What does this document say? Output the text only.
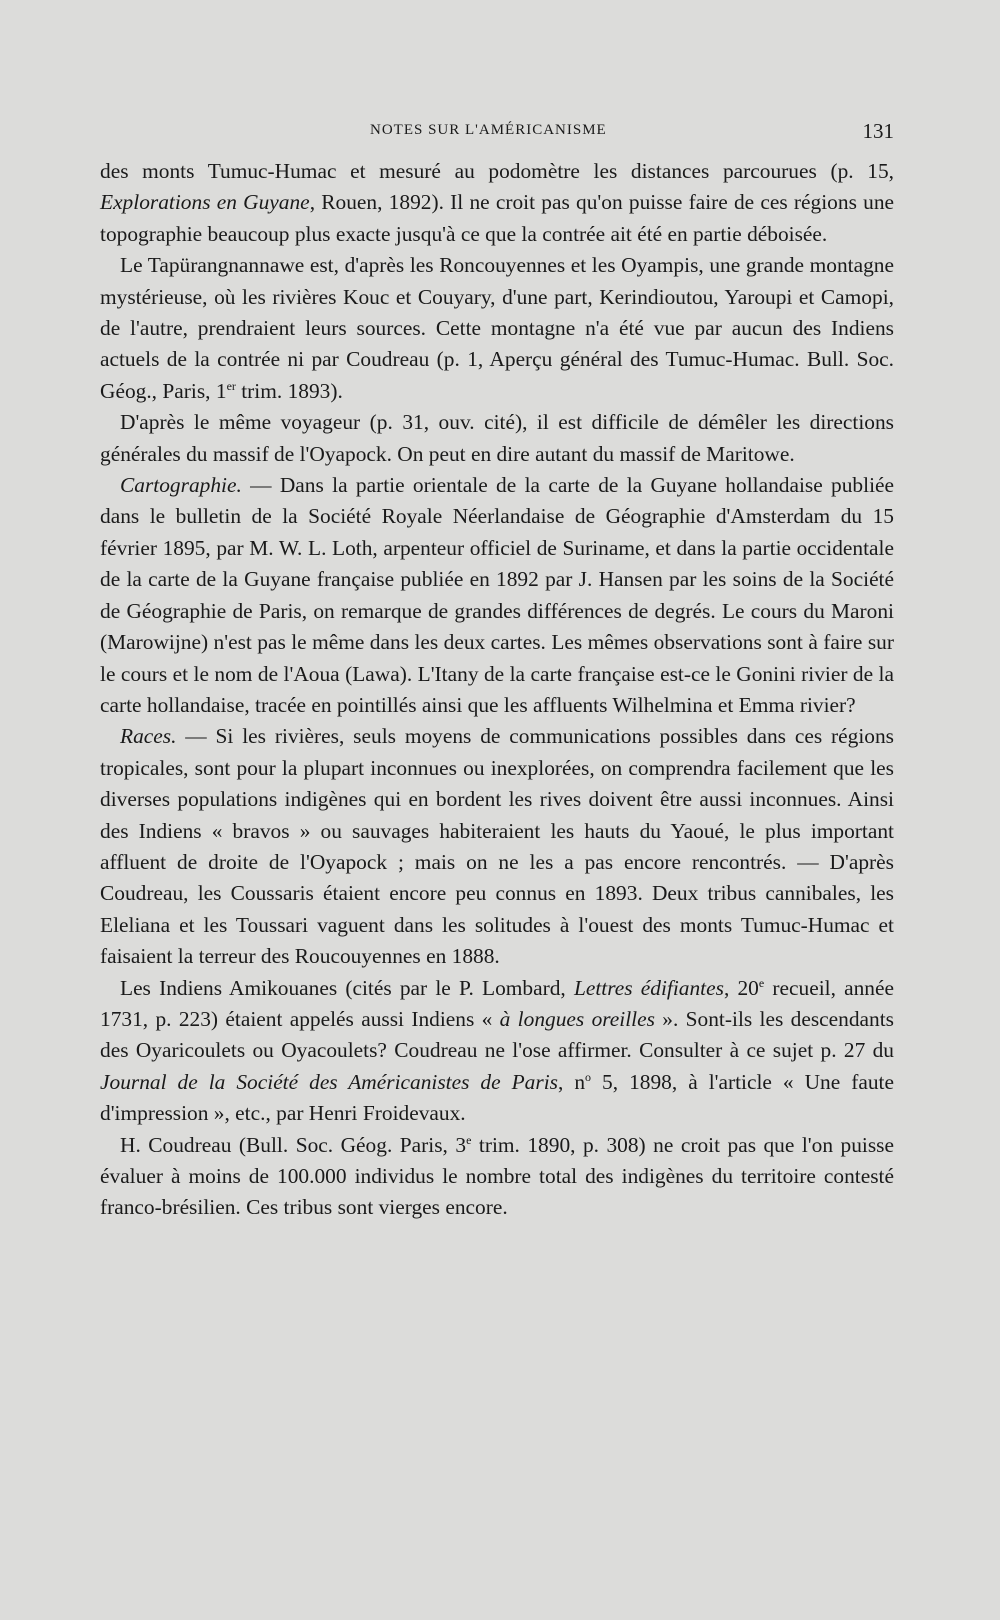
NOTES SUR L'AMÉRICANISME	131

des monts Tumuc-Humac et mesuré au podomètre les distances parcourues (p. 15, Explorations en Guyane, Rouen, 1892). Il ne croit pas qu'on puisse faire de ces régions une topographie beaucoup plus exacte jusqu'à ce que la contrée ait été en partie déboisée.

Le Tapürangnannawe est, d'après les Roncouyennes et les Oyampis, une grande montagne mystérieuse, où les rivières Kouc et Couyary, d'une part, Kerindioutou, Yaroupi et Camopi, de l'autre, prendraient leurs sources. Cette montagne n'a été vue par aucun des Indiens actuels de la contrée ni par Coudreau (p. 1, Aperçu général des Tumuc-Humac. Bull. Soc. Géog., Paris, 1er trim. 1893).

D'après le même voyageur (p. 31, ouv. cité), il est difficile de démêler les directions générales du massif de l'Oyapock. On peut en dire autant du massif de Maritowe.

Cartographie. — Dans la partie orientale de la carte de la Guyane hollandaise publiée dans le bulletin de la Société Royale Néerlandaise de Géographie d'Amsterdam du 15 février 1895, par M. W. L. Loth, arpenteur officiel de Suriname, et dans la partie occidentale de la carte de la Guyane française publiée en 1892 par J. Hansen par les soins de la Société de Géographie de Paris, on remarque de grandes différences de degrés. Le cours du Maroni (Marowijne) n'est pas le même dans les deux cartes. Les mêmes observations sont à faire sur le cours et le nom de l'Aoua (Lawa). L'Itany de la carte française est-ce le Gonini rivier de la carte hollandaise, tracée en pointillés ainsi que les affluents Wilhelmina et Emma rivier?

Races. — Si les rivières, seuls moyens de communications possibles dans ces régions tropicales, sont pour la plupart inconnues ou inexplorées, on comprendra facilement que les diverses populations indigènes qui en bordent les rives doivent être aussi inconnues. Ainsi des Indiens « bravos » ou sauvages habiteraient les hauts du Yaoué, le plus important affluent de droite de l'Oyapock ; mais on ne les a pas encore rencontrés. — D'après Coudreau, les Coussaris étaient encore peu connus en 1893. Deux tribus cannibales, les Eleliana et les Toussari vaguent dans les solitudes à l'ouest des monts Tumuc-Humac et faisaient la terreur des Roucouyennes en 1888.

Les Indiens Amikouanes (cités par le P. Lombard, Lettres édifiantes, 20e recueil, année 1731, p. 223) étaient appelés aussi Indiens « à longues oreilles ». Sont-ils les descendants des Oyaricoulets ou Oyacoulets? Coudreau ne l'ose affirmer. Consulter à ce sujet p. 27 du Journal de la Société des Américanistes de Paris, $n^o$ 5, 1898, à l'article « Une faute d'impression », etc., par Henri Froidevaux.

H. Coudreau (Bull. Soc. Géog. Paris, 3e trim. 1890, p. 308) ne croit pas que l'on puisse évaluer à moins de 100.000 individus le nombre total des indigènes du territoire contesté franco-brésilien. Ces tribus sont vierges encore.
